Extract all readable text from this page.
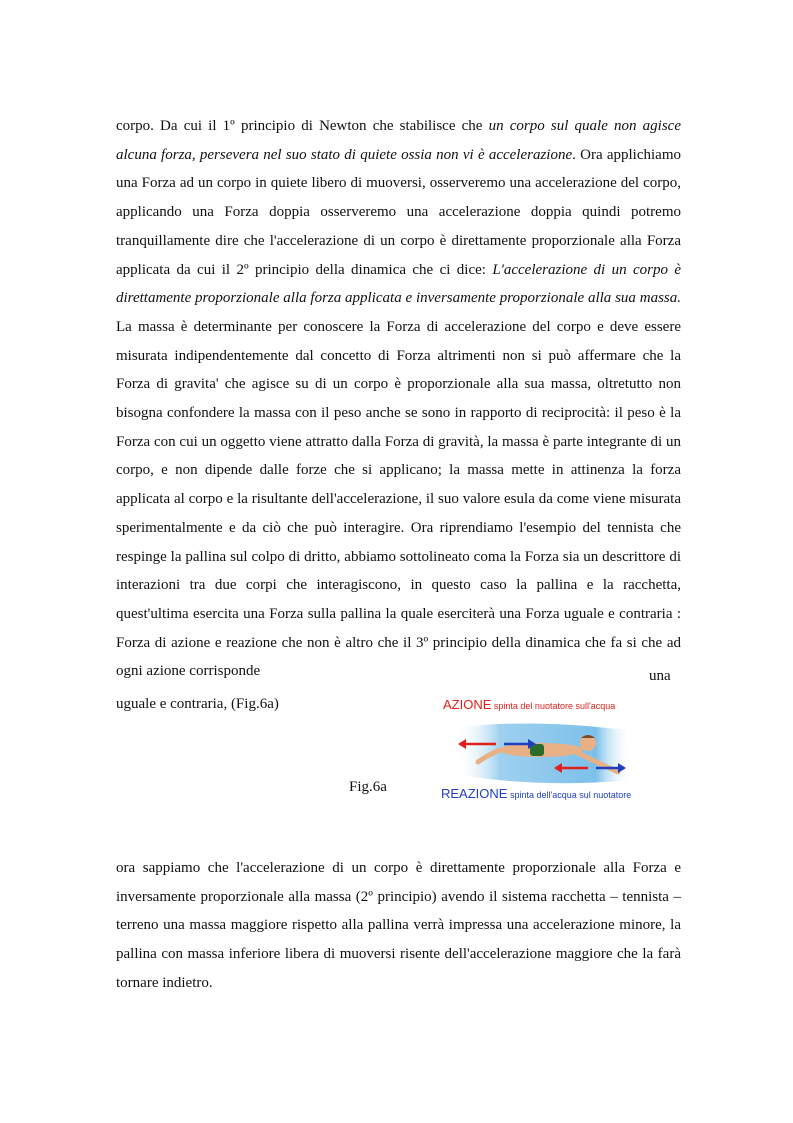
corpo. Da cui il 1º principio di Newton che stabilisce che un corpo sul quale non agisce alcuna forza, persevera nel suo stato di quiete ossia non vi è accelerazione. Ora applichiamo una Forza ad un corpo in quiete libero di muoversi, osserveremo una accelerazione del corpo, applicando una Forza doppia osserveremo una accelerazione doppia quindi potremo tranquillamente dire che l'accelerazione di un corpo è direttamente proporzionale alla Forza applicata da cui il 2º principio della dinamica che ci dice: L'accelerazione di un corpo è direttamente proporzionale alla forza applicata e inversamente proporzionale alla sua massa. La massa è determinante per conoscere la Forza di accelerazione del corpo e deve essere misurata indipendentemente dal concetto di Forza altrimenti non si può affermare che la Forza di gravita' che agisce su di un corpo è proporzionale alla sua massa, oltretutto non bisogna confondere la massa con il peso anche se sono in rapporto di reciprocità: il peso è la Forza con cui un oggetto viene attratto dalla Forza di gravità, la massa è parte integrante di un corpo, e non dipende dalle forze che si applicano; la massa mette in attinenza la forza applicata al corpo e la risultante dell'accelerazione, il suo valore esula da come viene misurata sperimentalmente e da ciò che può interagire. Ora riprendiamo l'esempio del tennista che respinge la pallina sul colpo di dritto, abbiamo sottolineato coma la Forza sia un descrittore di interazioni tra due corpi che interagiscono, in questo caso la pallina e la racchetta, quest'ultima esercita una Forza sulla pallina la quale eserciterà una Forza uguale e contraria : Forza di azione e reazione che non è altro che il 3º principio della dinamica che fa si che ad ogni azione corrisponde	una

uguale e contraria, (Fig.6a)	AZIONE spinta del nuotatore sull'acqua
REAZIONE spinta dell'acqua sul nuotatore
Fig.6a

ora sappiamo che l'accelerazione di un corpo è direttamente proporzionale alla Forza e inversamente proporzionale alla massa (2º principio) avendo il sistema racchetta – tennista – terreno una massa maggiore rispetto alla pallina verrà impressa una accelerazione minore, la pallina con massa inferiore libera di muoversi risente dell'accelerazione maggiore che la farà tornare indietro.
